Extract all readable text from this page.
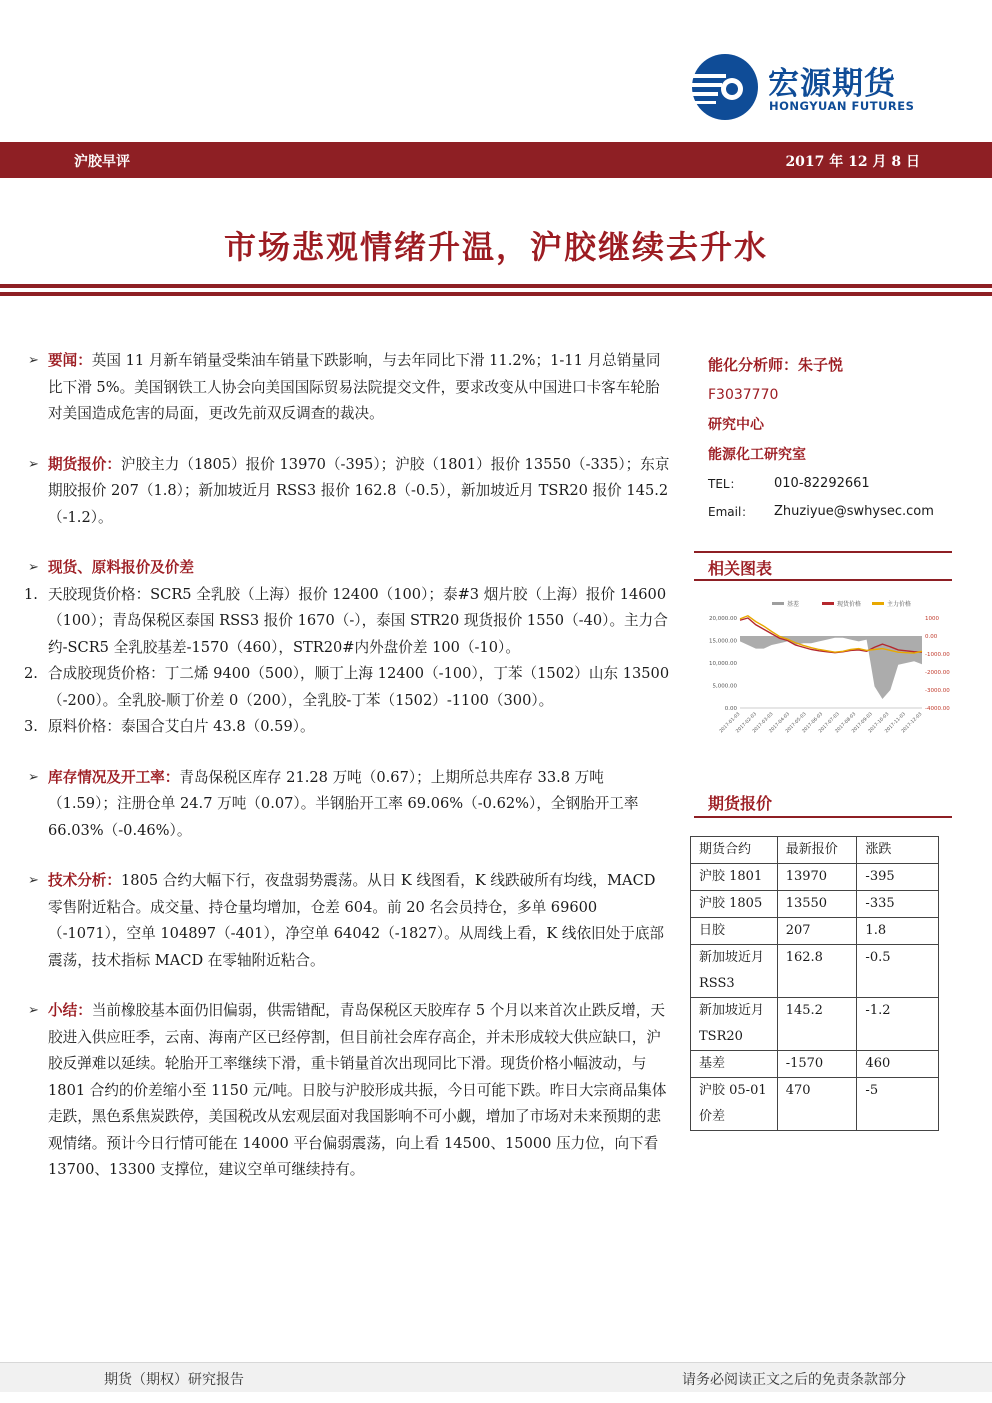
宏源期货
HONGYUAN FUTURES
沪胶早评	2017 年 12 月 8 日
市场悲观情绪升温，沪胶继续去升水
➢ 要闻：英国 11 月新车销量受柴油车销量下跌影响，与去年同比下滑 11.2%；1-11 月总销量同比下滑 5%。美国钢铁工人协会向美国国际贸易法院提交文件，要求改变从中国进口卡客车轮胎对美国造成危害的局面，更改先前双反调查的裁决。
➢ 期货报价：沪胶主力（1805）报价 13970（-395）；沪胶（1801）报价 13550（-335）；东京期胶报价 207（1.8）；新加坡近月 RSS3 报价 162.8（-0.5），新加坡近月 TSR20 报价 145.2（-1.2）。
➢ 现货、原料报价及价差
1. 天胶现货价格：SCR5 全乳胶（上海）报价 12400（100）；泰#3 烟片胶（上海）报价 14600（100）；青岛保税区泰国 RSS3 报价 1670（-），泰国 STR20 现货报价 1550（-40）。主力合约-SCR5 全乳胶基差-1570（460），STR20#内外盘价差 100（-10）。
2. 合成胶现货价格：丁二烯 9400（500），顺丁上海 12400（-100），丁苯（1502）山东 13500（-200）。全乳胶-顺丁价差 0（200），全乳胶-丁苯（1502）-1100（300）。
3. 原料价格：泰国合艾白片 43.8（0.59）。
➢ 库存情况及开工率：青岛保税区库存 21.28 万吨（0.67）；上期所总共库存 33.8 万吨（1.59）；注册仓单 24.7 万吨（0.07）。半钢胎开工率 69.06%（-0.62%），全钢胎开工率 66.03%（-0.46%）。
➢ 技术分析：1805 合约大幅下行，夜盘弱势震荡。从日 K 线图看，K 线跌破所有均线，MACD 零售附近粘合。成交量、持仓量均增加，仓差 604。前 20 名会员持仓，多单 69600（-1071），空单 104897（-401），净空单 64042（-1827）。从周线上看，K 线依旧处于底部震荡，技术指标 MACD 在零轴附近粘合。
➢ 小结：当前橡胶基本面仍旧偏弱，供需错配，青岛保税区天胶库存 5 个月以来首次止跌反增，天胶进入供应旺季，云南、海南产区已经停割，但目前社会库存高企，并未形成较大供应缺口，沪胶反弹难以延续。轮胎开工率继续下滑，重卡销量首次出现同比下滑。现货价格小幅波动，与 1801 合约的价差缩小至 1150 元/吨。日胶与沪胶形成共振，今日可能下跌。昨日大宗商品集体走跌，黑色系焦炭跌停，美国税改从宏观层面对我国影响不可小觑，增加了市场对未来预期的悲观情绪。预计今日行情可能在 14000 平台偏弱震荡，向上看 14500、15000 压力位，向下看 13700、13300 支撑位，建议空单可继续持有。
能化分析师：朱子悦
F3037770
研究中心
能源化工研究室
TEL： 010-82292661
Email： Zhuziyue@swhysec.com
相关图表
基差	现货价格	主力价格
20,000.00
15,000.00
10,000.00
5,000.00
0.00
1000
0.00
-1000.00
-2000.00
-3000.00
-4000.00
2017-01-03
2017-02-03
2017-03-03
2017-04-03
2017-05-03
2017-06-03
2017-07-03
2017-08-03
2017-09-03
2017-10-03
2017-11-03
2017-12-03
期货报价
期货合约	最新报价	涨跌
沪胶 1801	13970	-395
沪胶 1805	13550	-335
日胶	207	1.8
新加坡近月 RSS3	162.8	-0.5
新加坡近月 TSR20	145.2	-1.2
基差	-1570	460
沪胶 05-01 价差	470	-5
期货（期权）研究报告	请务必阅读正文之后的免责条款部分
